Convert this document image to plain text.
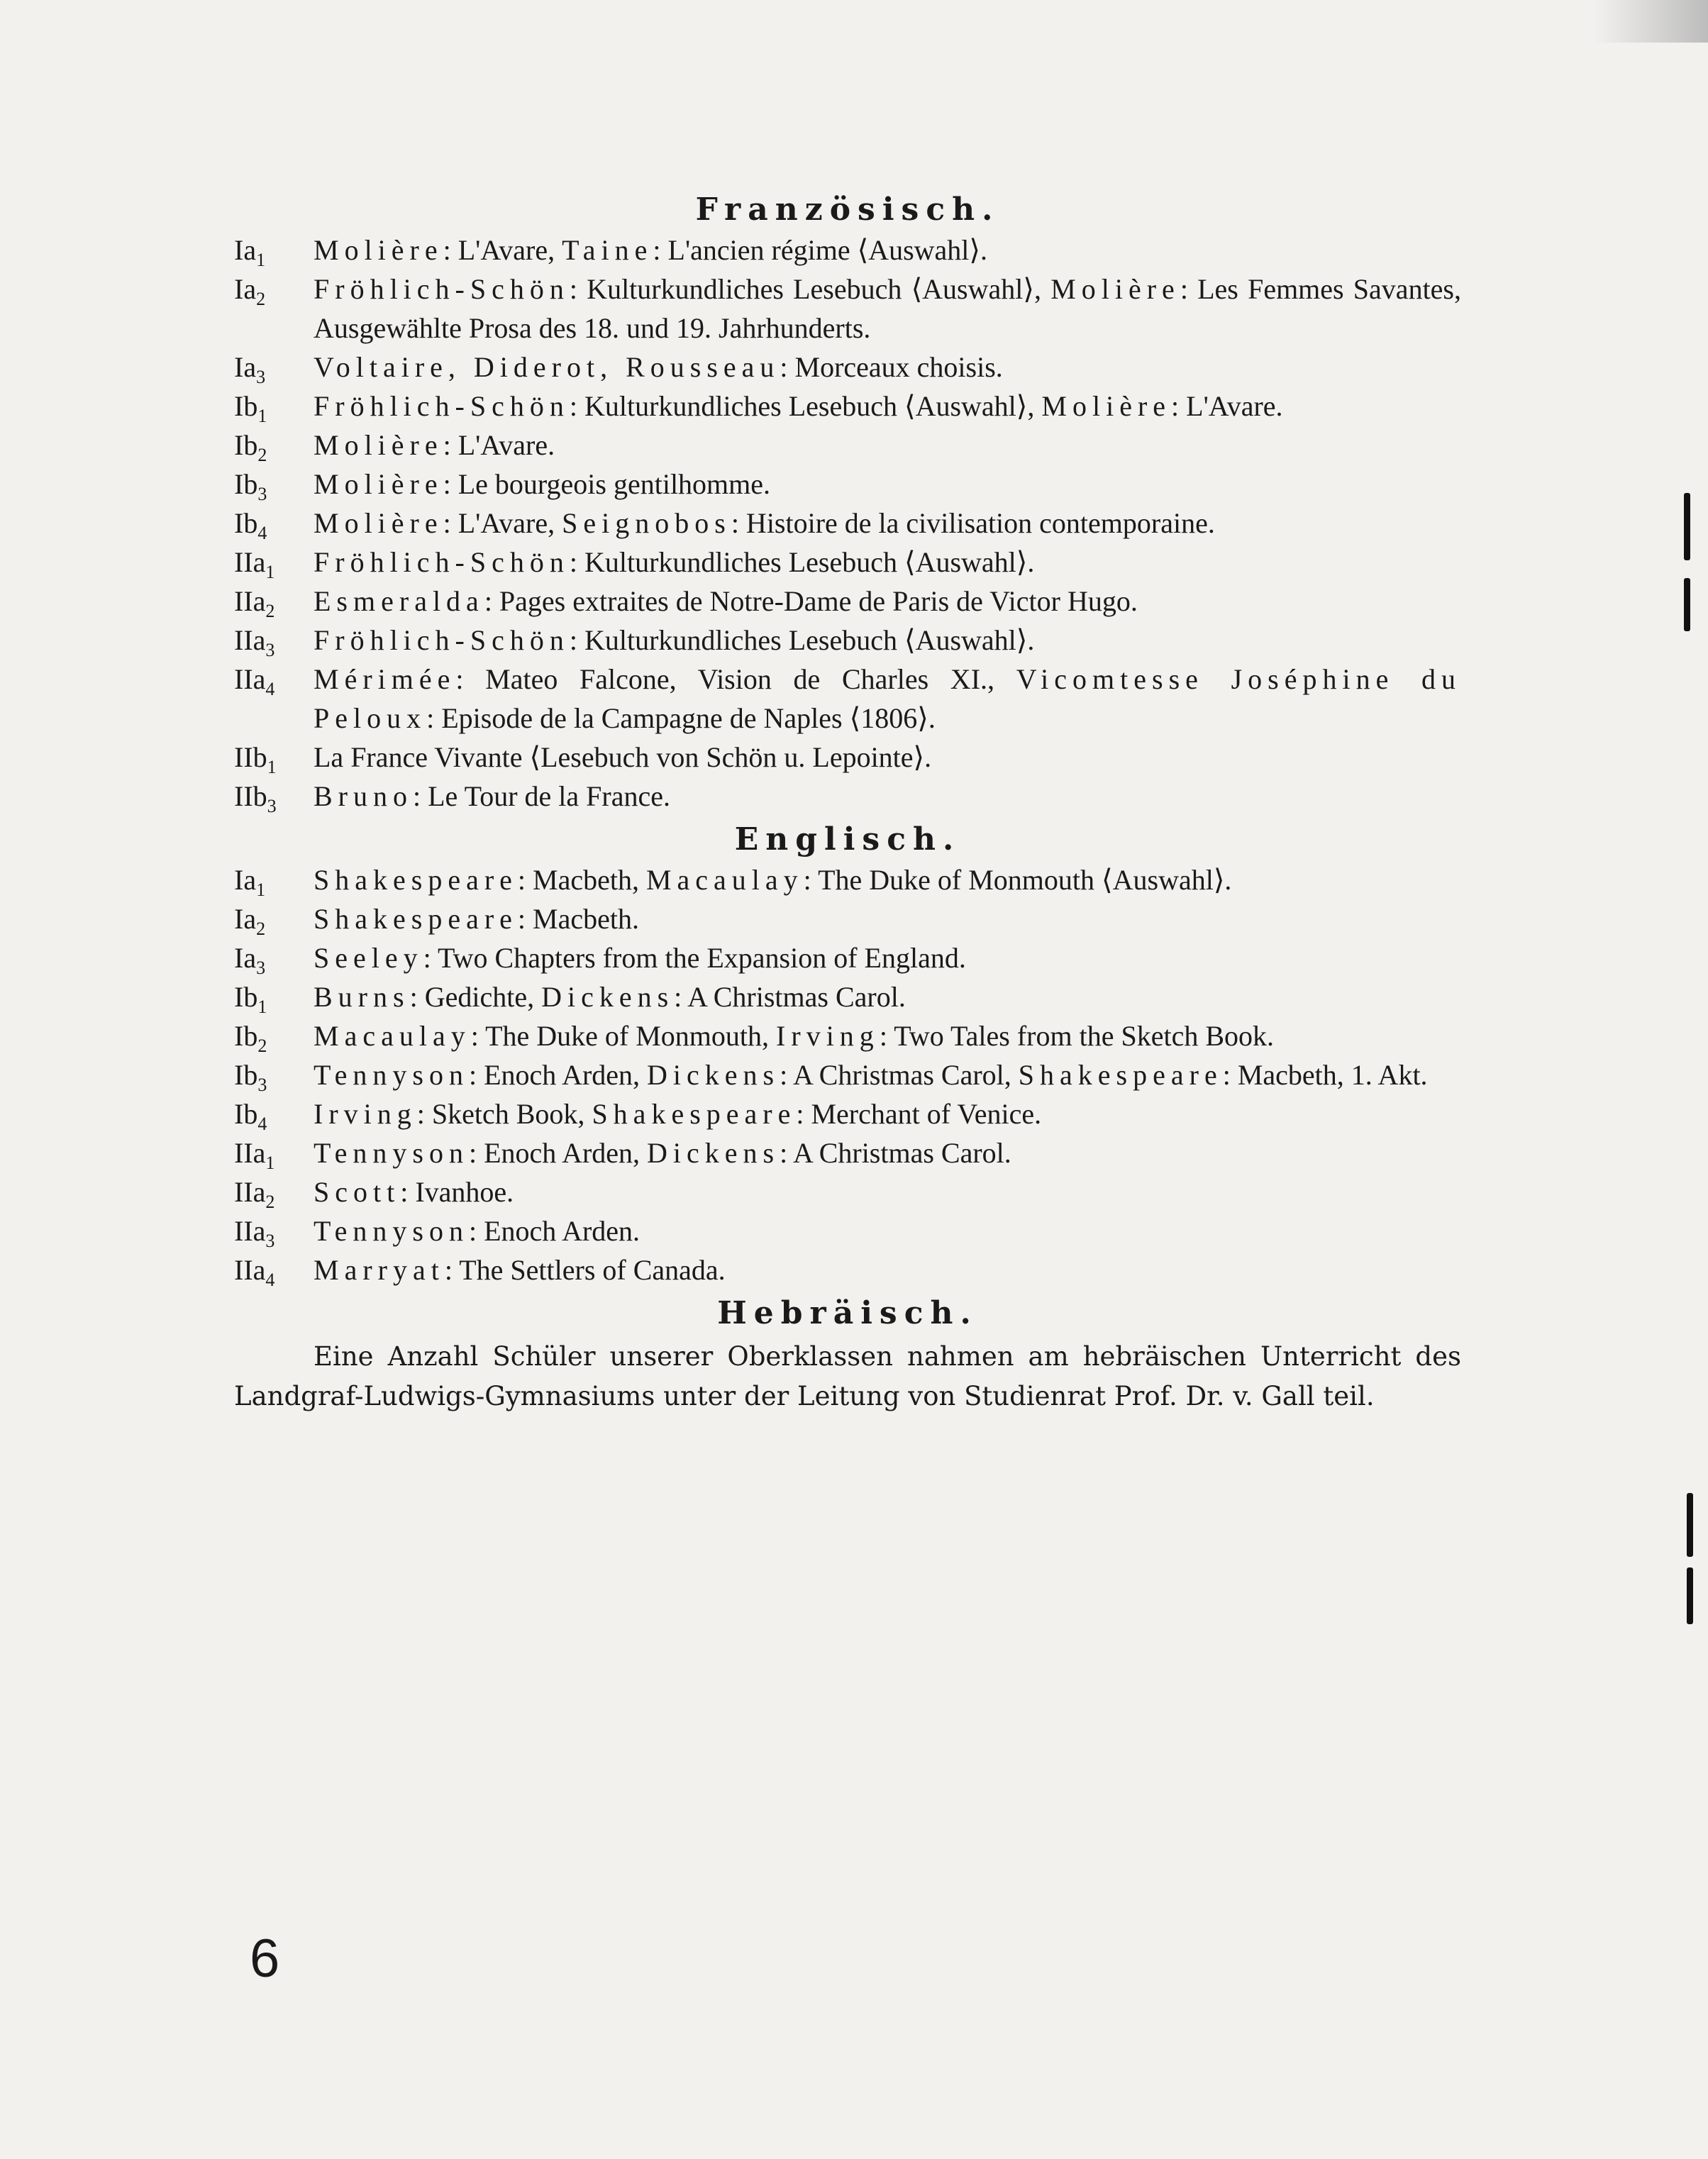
Französisch.
$Ia_1$ Molière: L'Avare, Taine: L'ancien régime ⟨Auswahl⟩.
$Ia_2$ Fröhlich-Schön: Kulturkundliches Lesebuch ⟨Auswahl⟩, Molière: Les Femmes Savantes, Ausgewählte Prosa des 18. und 19. Jahrhunderts.
$Ia_3$ Voltaire, Diderot, Rousseau: Morceaux choisis.
$Ib_1$ Fröhlich-Schön: Kulturkundliches Lesebuch ⟨Auswahl⟩, Molière: L'Avare.
$Ib_2$ Molière: L'Avare.
$Ib_3$ Molière: Le bourgeois gentilhomme.
$Ib_4$ Molière: L'Avare, Seignobos: Histoire de la civilisation contemporaine.
IIa$_1$ Fröhlich-Schön: Kulturkundliches Lesebuch ⟨Auswahl⟩.
IIa$_2$ Esmeralda: Pages extraites de Notre-Dame de Paris de Victor Hugo.
IIa$_3$ Fröhlich-Schön: Kulturkundliches Lesebuch ⟨Auswahl⟩.
IIa$_4$ Mérimée: Mateo Falcone, Vision de Charles XI., Vicomtesse Joséphine du Peloux: Episode de la Campagne de Naples ⟨1806⟩.
IIb$_1$ La France Vivante ⟨Lesebuch von Schön u. Lepointe⟩.
IIb$_3$ Bruno: Le Tour de la France.
Englisch.
$Ia_1$ Shakespeare: Macbeth, Macaulay: The Duke of Monmouth ⟨Auswahl⟩.
$Ia_2$ Shakespeare: Macbeth.
$Ia_3$ Seeley: Two Chapters from the Expansion of England.
$Ib_1$ Burns: Gedichte, Dickens: A Christmas Carol.
$Ib_2$ Macaulay: The Duke of Monmouth, Irving: Two Tales from the Sketch Book.
$Ib_3$ Tennyson: Enoch Arden, Dickens: A Christmas Carol, Shakespeare: Macbeth, 1. Akt.
$Ib_4$ Irving: Sketch Book, Shakespeare: Merchant of Venice.
IIa$_1$ Tennyson: Enoch Arden, Dickens: A Christmas Carol.
IIa$_2$ Scott: Ivanhoe.
IIa$_3$ Tennyson: Enoch Arden.
IIa$_4$ Marryat: The Settlers of Canada.
Hebräisch.

Eine Anzahl Schüler unserer Oberklassen nahmen am hebräischen Unterricht des Landgraf-Ludwigs-Gymnasiums unter der Leitung von Studienrat Prof. Dr. v. Gall teil.

6
